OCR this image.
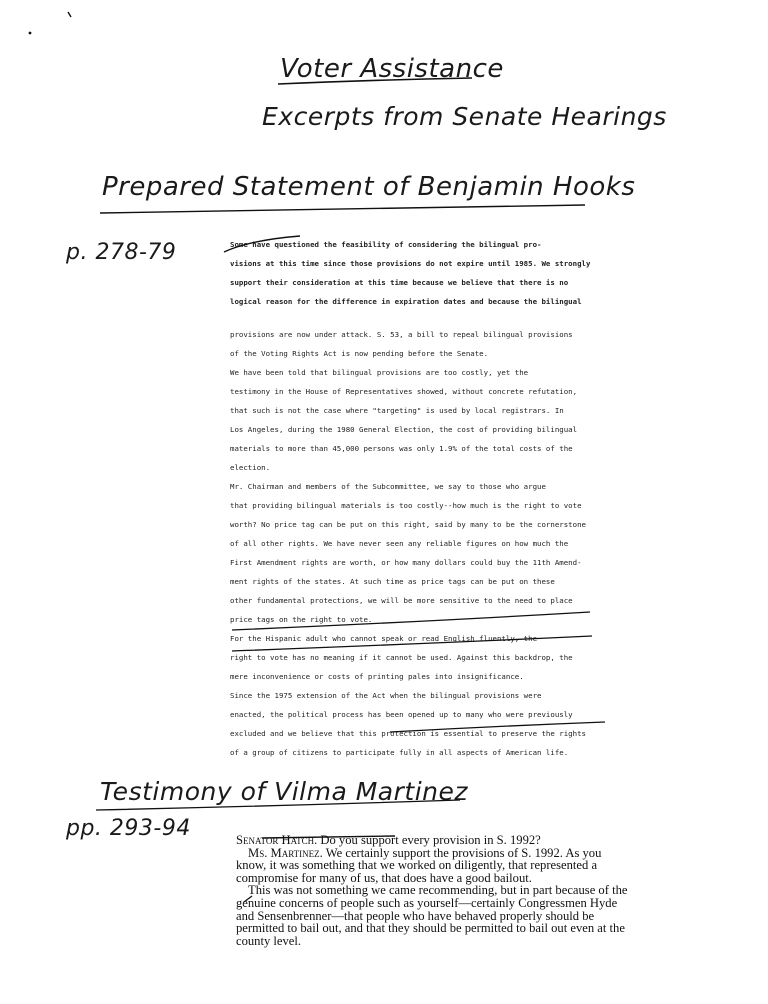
Voter Assistance
Excerpts from Senate Hearings
Prepared Statement of Benjamin Hooks
p. 278-79	Some have questioned the feasibility of considering the bilingual pro-
visions at this time since those provisions do not expire until 1985. We strongly
support their consideration at this time because we believe that there is no
logical reason for the difference in expiration dates and because the bilingual
provisions are now under attack. S. 53, a bill to repeal bilingual provisions
of the Voting Rights Act is now pending before the Senate.
We have been told that bilingual provisions are too costly, yet the
testimony in the House of Representatives showed, without concrete refutation,
that such is not the case where "targeting" is used by local registrars. In
Los Angeles, during the 1980 General Election, the cost of providing bilingual
materials to more than 45,000 persons was only 1.9% of the total costs of the
election.
Mr. Chairman and members of the Subcommittee, we say to those who argue
that providing bilingual materials is too costly--how much is the right to vote
worth? No price tag can be put on this right, said by many to be the cornerstone
of all other rights. We have never seen any reliable figures on how much the
First Amendment rights are worth, or how many dollars could buy the 11th Amend-
ment rights of the states. At such time as price tags can be put on these
other fundamental protections, we will be more sensitive to the need to place
price tags on the right to vote.
For the Hispanic adult who cannot speak or read English fluently, the
right to vote has no meaning if it cannot be used. Against this backdrop, the
mere inconvenience or costs of printing pales into insignificance.
Since the 1975 extension of the Act when the bilingual provisions were
enacted, the political process has been opened up to many who were previously
excluded and we believe that this protection is essential to preserve the rights
of a group of citizens to participate fully in all aspects of American life.
Testimony of Vilma Martinez
pp. 293-94	Senator Hatch. Do you support every provision in S. 1992?

Ms. Martinez. We certainly support the provisions of S. 1992. As you know, it was something that we worked on diligently, that represented a compromise for many of us, that does have a good bailout.

This was not something we came recommending, but in part because of the genuine concerns of people such as yourself—certainly Congressmen Hyde and Sensenbrenner—that people who have behaved properly should be permitted to bail out, and that they should be permitted to bail out even at the county level.
